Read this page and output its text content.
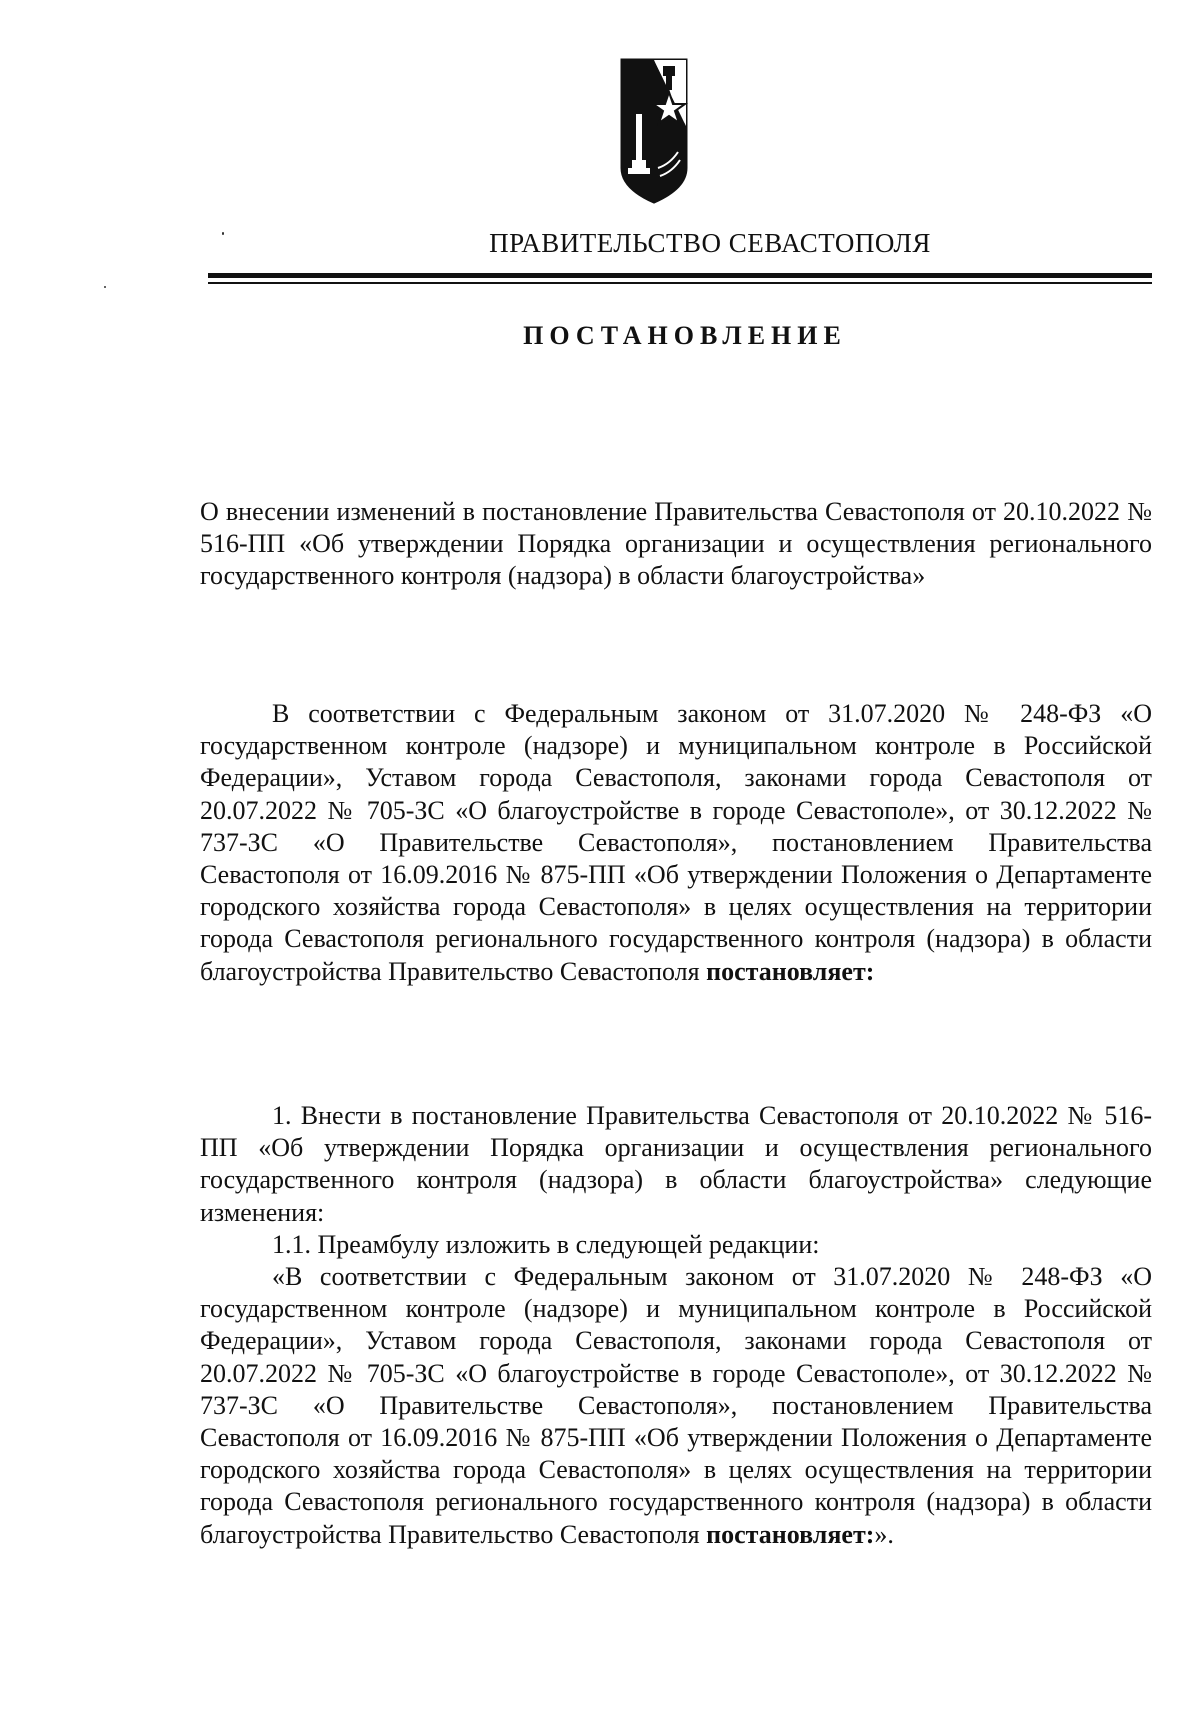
ПРАВИТЕЛЬСТВО СЕВАСТОПОЛЯ
ПОСТАНОВЛЕНИЕ
О внесении изменений в постановление Правительства Севастополя от 20.10.2022 № 516-ПП «Об утверждении Порядка организации и осуществления регионального государственного контроля (надзора) в области благоустройства»
В соответствии с Федеральным законом от 31.07.2020 № 248-ФЗ «О государственном контроле (надзоре) и муниципальном контроле в Российской Федерации», Уставом города Севастополя, законами города Севастополя от 20.07.2022 № 705-ЗС «О благоустройстве в городе Севастополе», от 30.12.2022 № 737-ЗС «О Правительстве Севастополя», постановлением Правительства Севастополя от 16.09.2016 № 875-ПП «Об утверждении Положения о Департаменте городского хозяйства города Севастополя» в целях осуществления на территории города Севастополя регионального государственного контроля (надзора) в области благоустройства Правительство Севастополя постановляет:

1. Внести в постановление Правительства Севастополя от 20.10.2022 № 516-ПП «Об утверждении Порядка организации и осуществления регионального государственного контроля (надзора) в области благоустройства» следующие изменения:

1.1. Преамбулу изложить в следующей редакции:

«В соответствии с Федеральным законом от 31.07.2020 № 248-ФЗ «О государственном контроле (надзоре) и муниципальном контроле в Российской Федерации», Уставом города Севастополя, законами города Севастополя от 20.07.2022 № 705-ЗС «О благоустройстве в городе Севастополе», от 30.12.2022 № 737-ЗС «О Правительстве Севастополя», постановлением Правительства Севастополя от 16.09.2016 № 875-ПП «Об утверждении Положения о Департаменте городского хозяйства города Севастополя» в целях осуществления на территории города Севастополя регионального государственного контроля (надзора) в области благоустройства Правительство Севастополя постановляет:».
